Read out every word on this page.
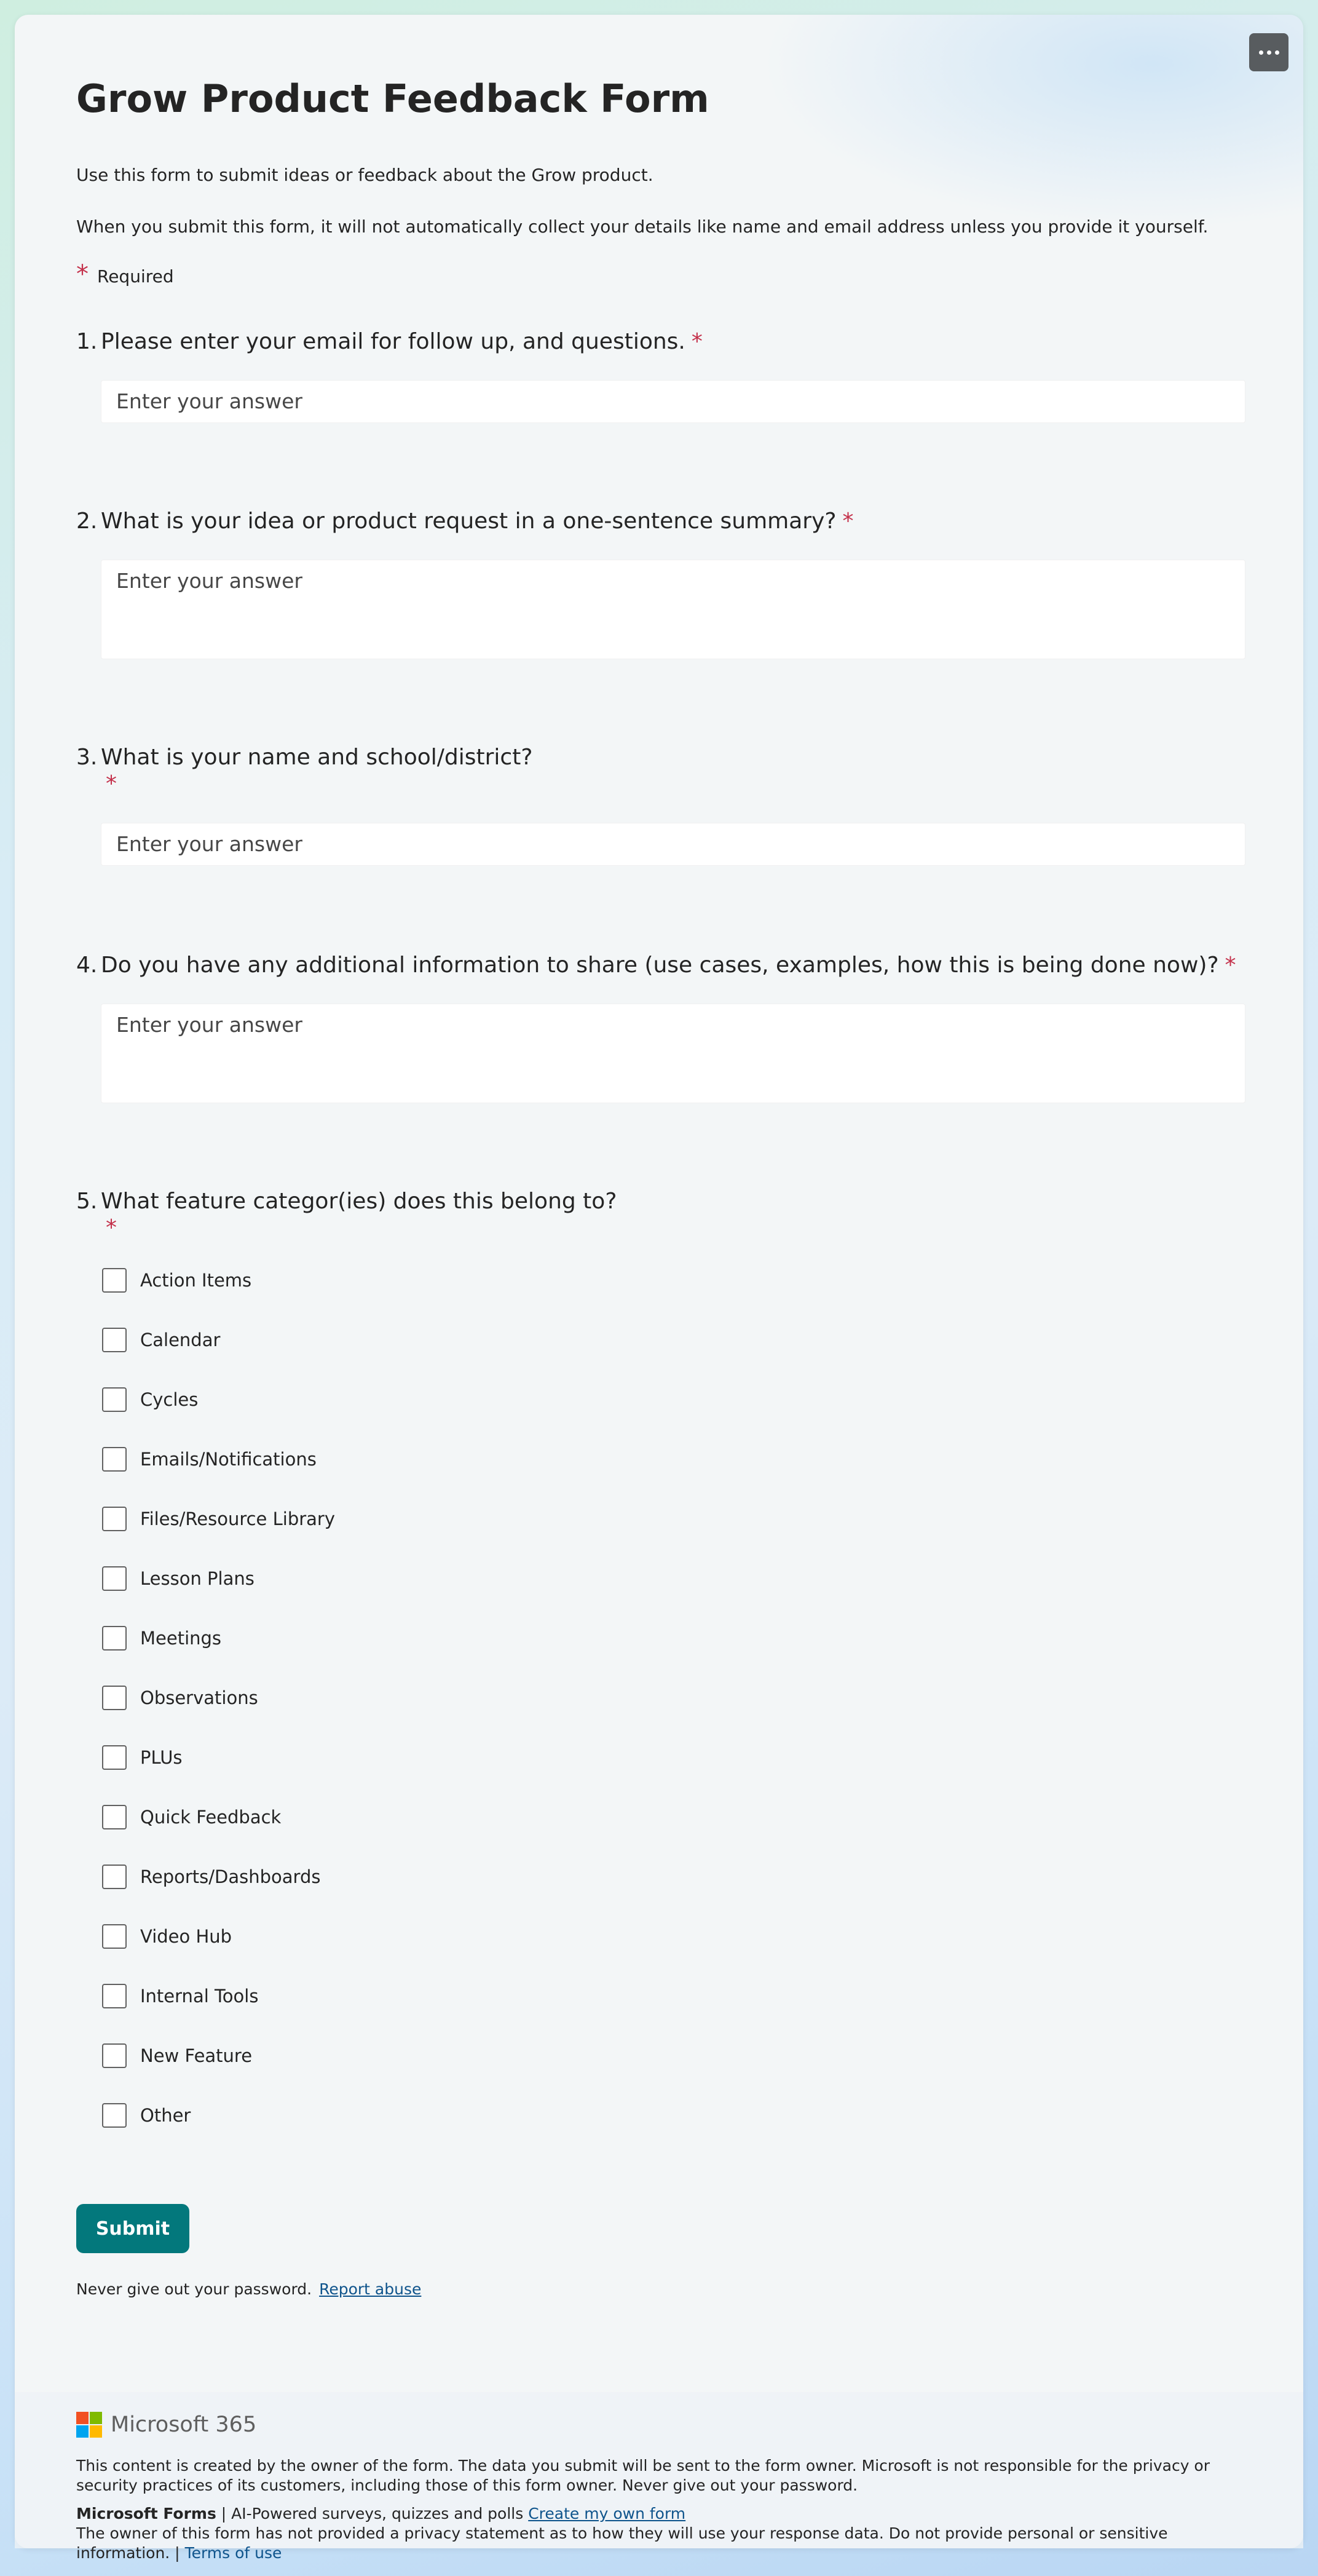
Grow Product Feedback Form

Use this form to submit ideas or feedback about the Grow product.

When you submit this form, it will not automatically collect your details like name and email address unless you provide it yourself.

* Required
1. Please enter your email for follow up, and questions. *
Enter your answer
2. What is your idea or product request in a one-sentence summary? *
Enter your answer
3. What is your name and school/district?
*
Enter your answer
4. Do you have any additional information to share (use cases, examples, how this is being done now)? *
Enter your answer
5. What feature categor(ies) does this belong to?
*
Action Items
Calendar
Cycles
Emails/Notifications
Files/Resource Library
Lesson Plans
Meetings
Observations
PLUs
Quick Feedback
Reports/Dashboards
Video Hub
Internal Tools
New Feature
Other
Submit
Never give out your password. Report abuse
Microsoft 365

This content is created by the owner of the form. The data you submit will be sent to the form owner. Microsoft is not responsible for the privacy or security practices of its customers, including those of this form owner. Never give out your password.

Microsoft Forms | AI-Powered surveys, quizzes and polls Create my own form

The owner of this form has not provided a privacy statement as to how they will use your response data. Do not provide personal or sensitive information. | Terms of use
